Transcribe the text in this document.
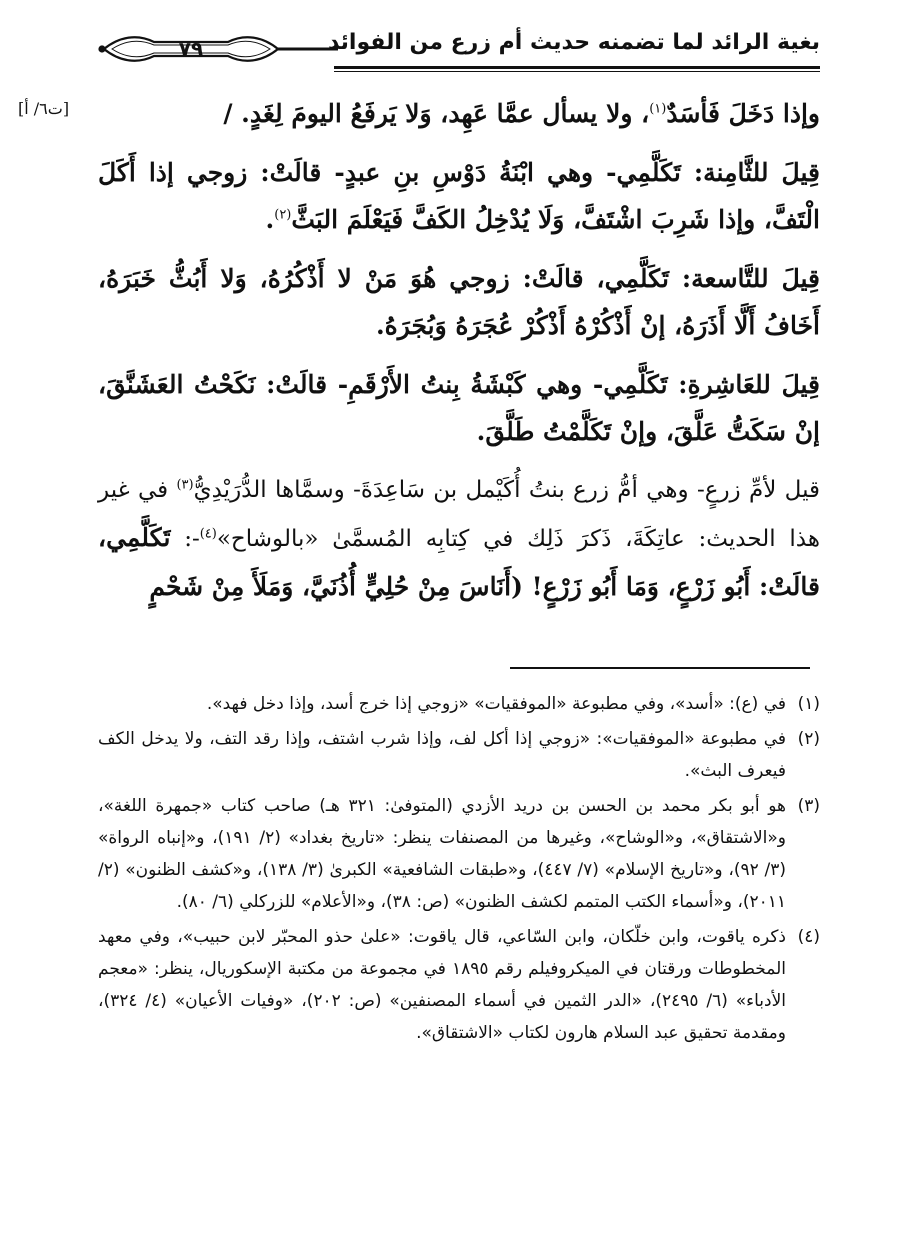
بغية الرائد لما تضمنه حديث أم زرع من الفوائد
٧٩
[ت٦/ أ]	وإذا دَخَلَ فَأسَدٌ$^{(١)}$، ولا يسأل عمَّا عَهِد، وَلا يَرفَعُ اليومَ لِغَدٍ. /

قِيلَ للثَّامِنة: تَكَلَّمِي- وهي ابْنَةُ دَوْسِ بنِ عبدٍ- قالَتْ: زوجي إذا أَكَلَ الْتَفَّ، وإذا شَرِبَ اشْتَفَّ، وَلَا يُدْخِلُ الكَفَّ فَيَعْلَمَ البَثَّ$^{(٢)}$.

قِيلَ للتَّاسعة: تَكَلَّمِي، قالَتْ: زوجي هُوَ مَنْ لا أَذْكُرُهُ، وَلا أَبُثُّ خَبَرَهُ، أَخَافُ أَلَّا أَذَرَهُ، إنْ أَذْكُرْهُ أَذْكُرْ عُجَرَهُ وَبُجَرَهُ.

قِيلَ للعَاشِرةِ: تَكَلَّمِي- وهي كَبْشَةُ بِنتُ الأَرْقَمِ- قالَتْ: نَكَحْتُ العَشَنَّقَ، إنْ سَكَتُّ عَلَّقَ، وإنْ تَكَلَّمْتُ طَلَّقَ.

قيل لأمِّ زرعٍ- وهي أمُّ زرع بنتُ أُكَيْمل بن سَاعِدَةَ- وسمَّاها الدُّرَيْدِيُّ$^{(٣)}$ في غير هذا الحديث: عاتِكَةَ، ذَكرَ ذَلِك في كِتابِه المُسمَّىٰ «بالوشاح»$^{(٤)}$-: تَكَلَّمِي، قالَتْ: أَبُو زَرْعٍ، وَمَا أَبُو زَرْعٍ! (أَنَاسَ مِنْ حُلِيٍّ أُذُنَيَّ، وَمَلَأَ مِنْ شَحْمٍ

(١)
في (ع): «أسد»، وفي مطبوعة «الموفقيات» «زوجي إذا خرج أسد، وإذا دخل فهد».
(٢)
في مطبوعة «الموفقيات»: «زوجي إذا أكل لف، وإذا شرب اشتف، وإذا رقد التف، ولا يدخل الكف فيعرف البث».
(٣)
هو أبو بكر محمد بن الحسن بن دريد الأزدي (المتوفىٰ: ٣٢١ هـ) صاحب كتاب «جمهرة اللغة»، و«الاشتقاق»، و«الوشاح»، وغيرها من المصنفات ينظر: «تاريخ بغداد» (٢/ ١٩١)، و«إنباه الرواة» (٣/ ٩٢)، و«تاريخ الإسلام» (٧/ ٤٤٧)، و«طبقات الشافعية» الكبرىٰ (٣/ ١٣٨)، و«كشف الظنون» (٢/ ٢٠١١)، و«أسماء الكتب المتمم لكشف الظنون» (ص: ٣٨)، و«الأعلام» للزركلي (٦/ ٨٠).
(٤)
ذكره ياقوت، وابن خلّكان، وابن السّاعي، قال ياقوت: «علىٰ حذو المحبّر لابن حبيب»، وفي معهد المخطوطات ورقتان في الميكروفيلم رقم ١٨٩٥ في مجموعة من مكتبة الإسكوريال، ينظر: «معجم الأدباء» (٦/ ٢٤٩٥)، «الدر الثمين في أسماء المصنفين» (ص: ٢٠٢)، «وفيات الأعيان» (٤/ ٣٢٤)، ومقدمة تحقيق عبد السلام هارون لكتاب «الاشتقاق».
